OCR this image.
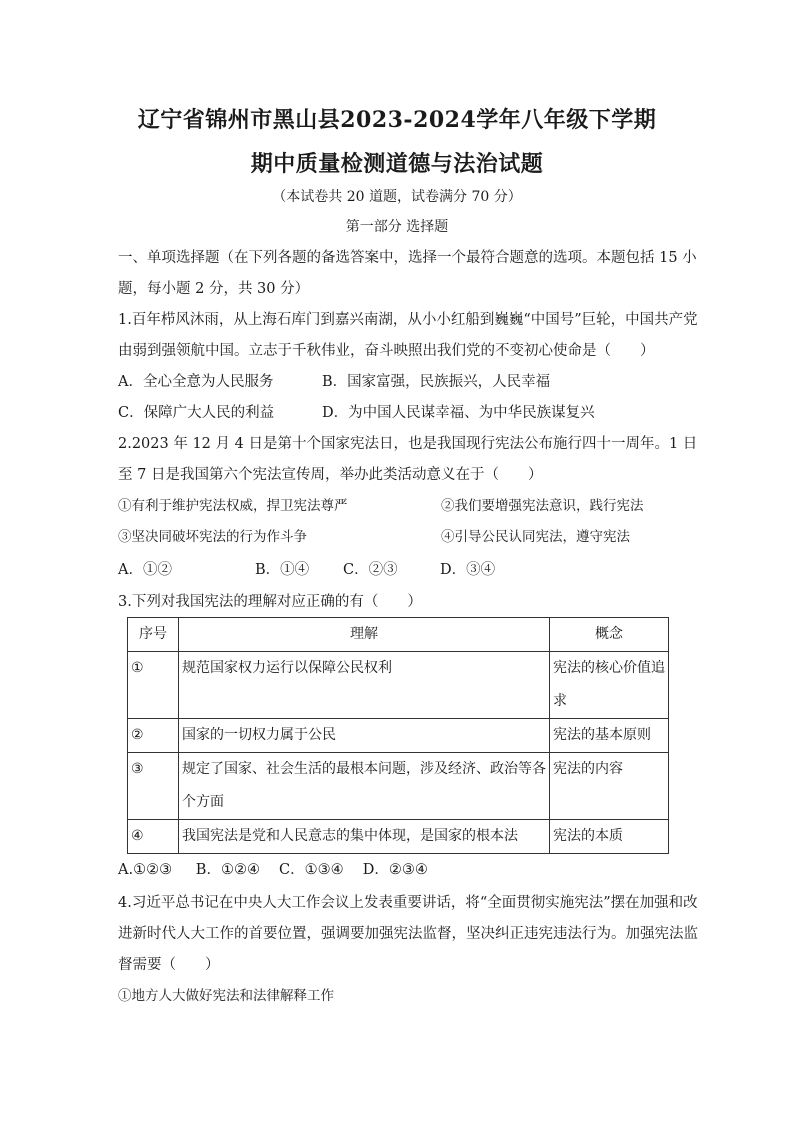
辽宁省锦州市黑山县2023-2024学年八年级下学期
期中质量检测道德与法治试题
（本试卷共 20 道题，试卷满分 70 分）
第一部分 选择题
一、单项选择题（在下列各题的备选答案中，选择一个最符合题意的选项。本题包括 15 小
题，每小题 2 分，共 30 分）
1.百年栉风沐雨，从上海石库门到嘉兴南湖，从小小红船到巍巍“中国号”巨轮，中国共产党
由弱到强领航中国。立志于千秋伟业，奋斗映照出我们党的不变初心使命是（　　）
A．全心全意为人民服务	B．国家富强，民族振兴，人民幸福
C．保障广大人民的利益	D．为中国人民谋幸福、为中华民族谋复兴
2.2023 年 12 月 4 日是第十个国家宪法日，也是我国现行宪法公布施行四十一周年。1 日
至 7 日是我国第六个宪法宣传周，举办此类活动意义在于（　　）
①有利于维护宪法权威，捍卫宪法尊严	②我们要增强宪法意识，践行宪法
③坚决同破坏宪法的行为作斗争	④引导公民认同宪法，遵守宪法
A．①②	B．①④ C．②③	D．③④
3.下列对我国宪法的理解对应正确的有（　　）
序号	理解	概念
①	规范国家权力运行以保障公民权利	宪法的核心价值追 求
②	国家的一切权力属于公民	宪法的基本原则
③	规定了国家、社会生活的最根本问题，涉及经济、政治等各 个方面	宪法的内容
④	我国宪法是党和人民意志的集中体现，是国家的根本法	宪法的本质
A.①②③　  B．①②④　 C．①③④　 D．②③④
4.习近平总书记在中央人大工作会议上发表重要讲话，将“全面贯彻实施宪法”摆在加强和改
进新时代人大工作的首要位置，强调要加强宪法监督，坚决纠正违宪违法行为。加强宪法监
督需要（　　）
①地方人大做好宪法和法律解释工作
